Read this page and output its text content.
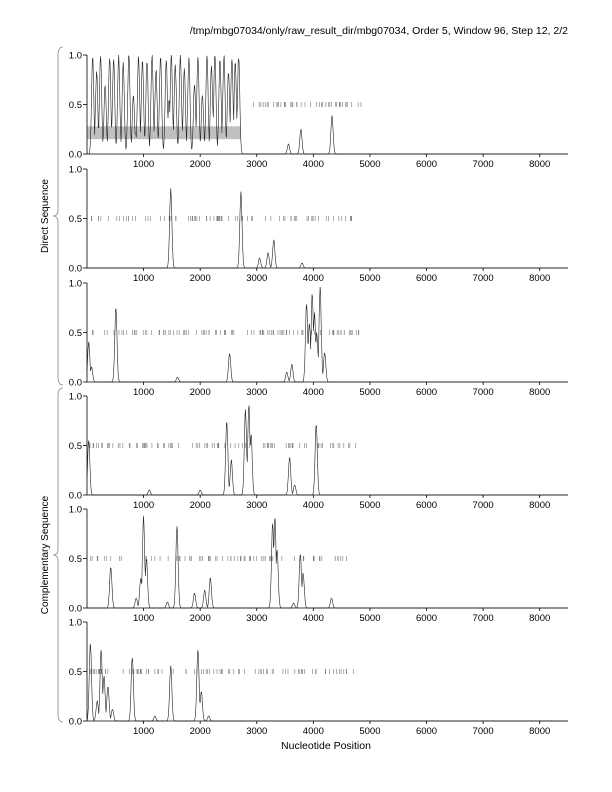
/tmp/mbg07034/only/raw_result_dir/mbg07034, Order 5, Window 96, Step 12, 2/2
0.0
0.5
1.0
1000	2000	3000	4000	5000	6000	7000	8000
0.0
0.5
1.0
1000	2000	3000	4000	5000	6000	7000	8000
0.0
0.5
1.0
1000	2000	3000	4000	5000	6000	7000	8000
0.0
0.5
1.0
1000	2000	3000	4000	5000	6000	7000	8000
0.0
0.5
1.0
1000	2000	3000	4000	5000	6000	7000	8000
0.0
0.5
1.0
1000	2000	3000	4000	5000	6000	7000	8000
Nucleotide Position
Direct Sequence
Complementary Sequence
